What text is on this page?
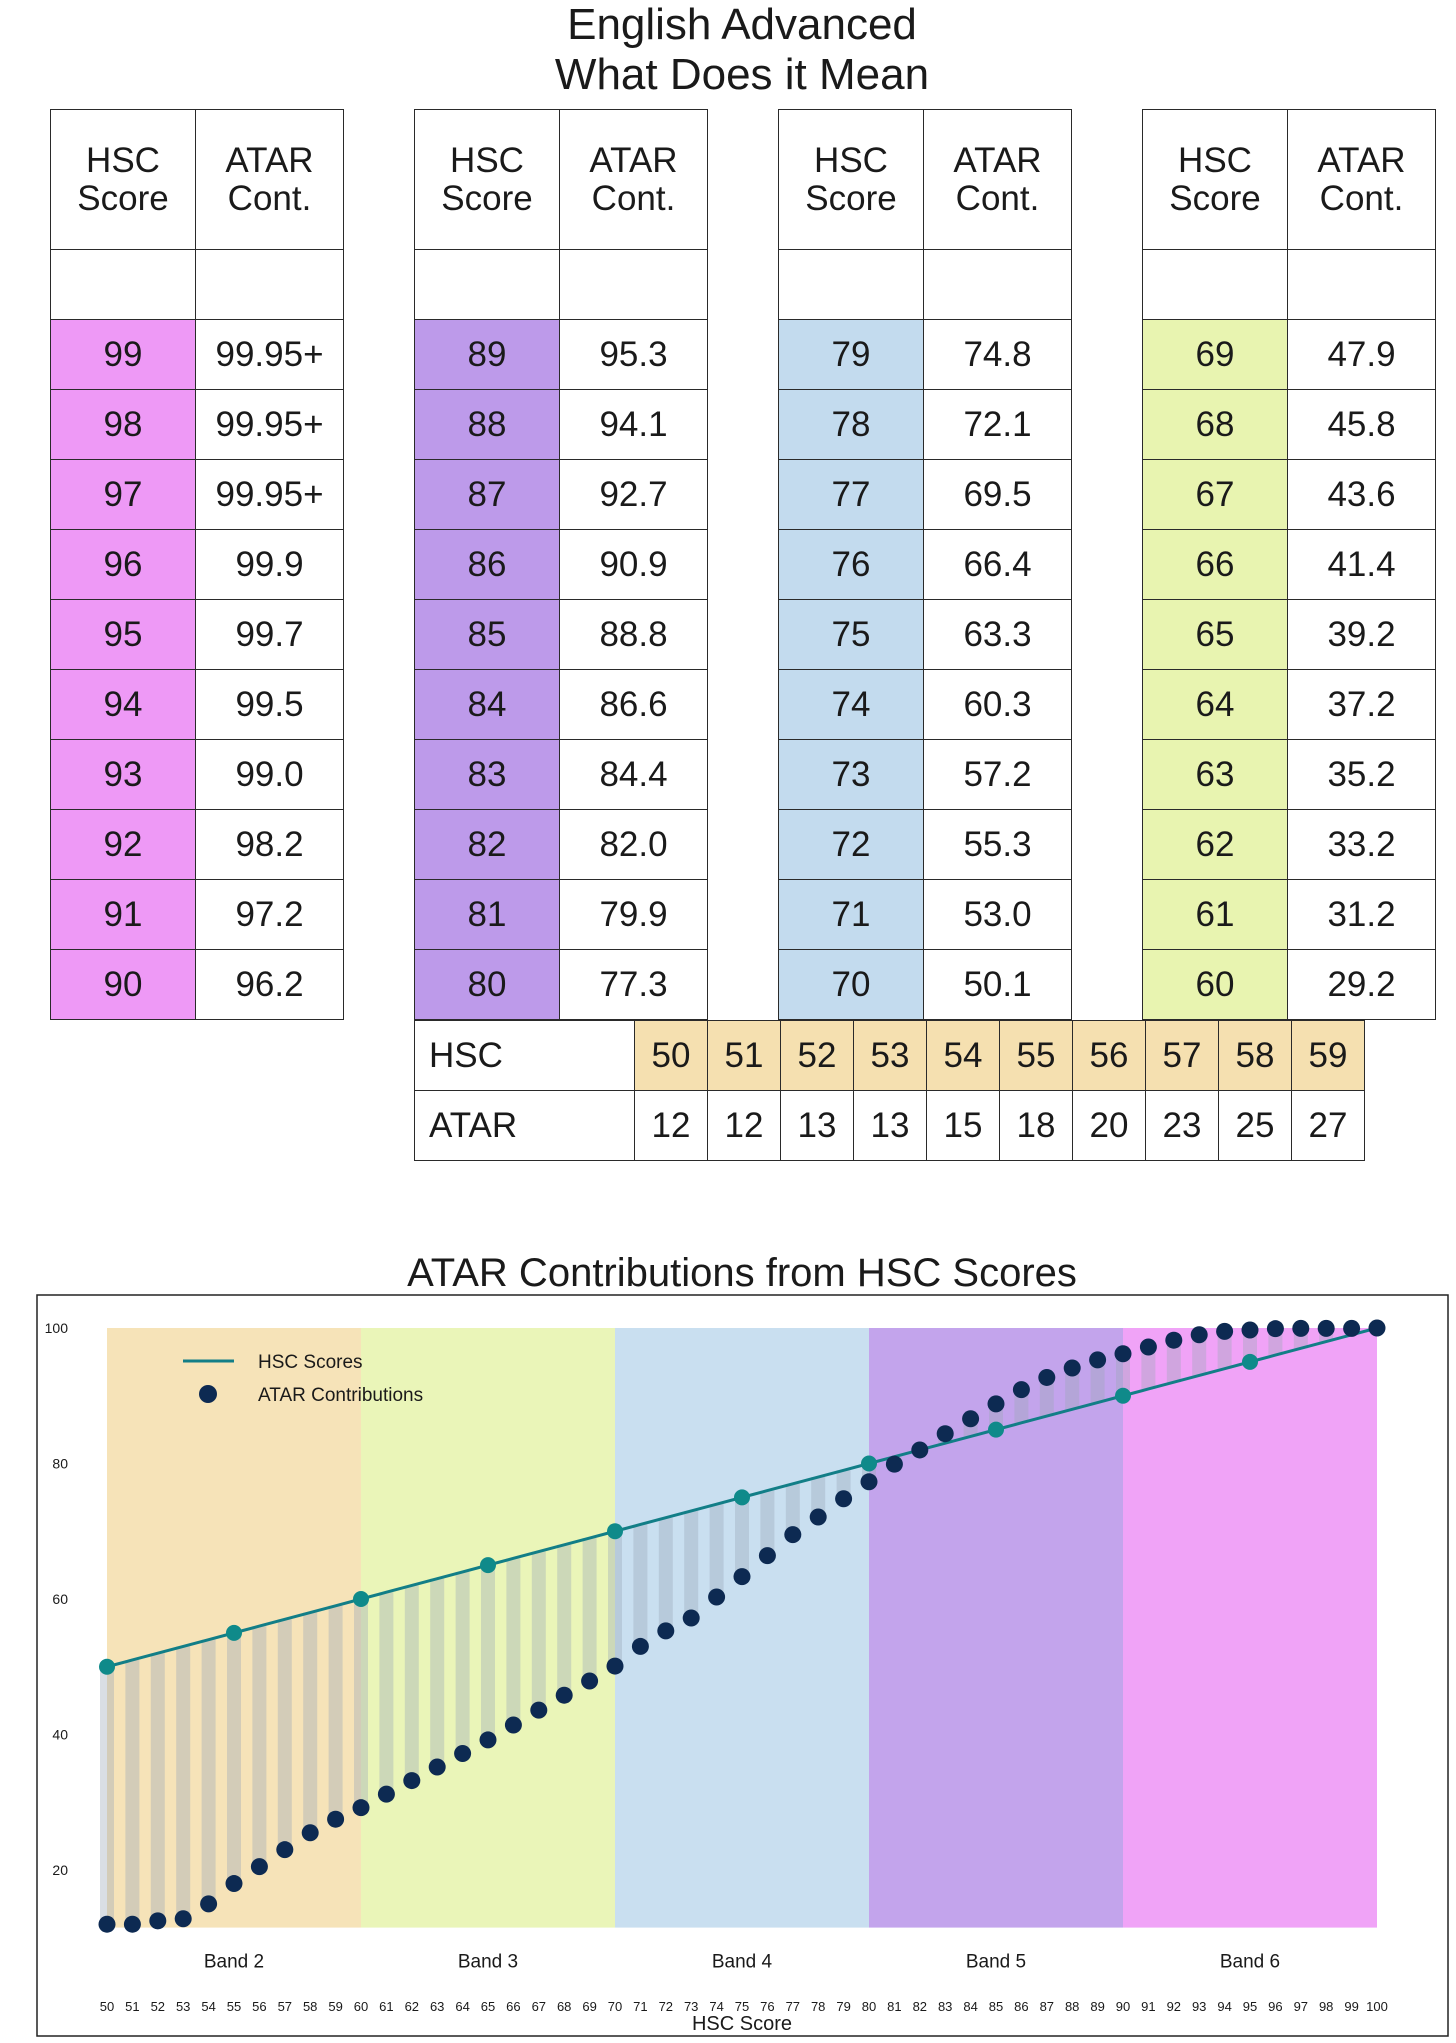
English Advanced
What Does it Mean
HSC
Score	ATAR
Cont.

99	99.95+
98	99.95+
97	99.95+
96	99.9
95	99.7
94	99.5
93	99.0
92	98.2
91	97.2
90	96.2
HSC
Score	ATAR
Cont.

89	95.3
88	94.1
87	92.7
86	90.9
85	88.8
84	86.6
83	84.4
82	82.0
81	79.9
80	77.3
HSC
Score	ATAR
Cont.

79	74.8
78	72.1
77	69.5
76	66.4
75	63.3
74	60.3
73	57.2
72	55.3
71	53.0
70	50.1
HSC
Score	ATAR
Cont.

69	47.9
68	45.8
67	43.6
66	41.4
65	39.2
64	37.2
63	35.2
62	33.2
61	31.2
60	29.2
HSC	50	51	52	53	54	55	56	57	58	59
ATAR	12	12	13	13	15	18	20	23	25	27
ATAR Contributions from HSC Scores
Band 2	Band 3	Band 4	Band 5	Band 6
20
40
60
80
100
50 51 52 53 54 55 56 57 58 59 60 61 62 63 64 65 66 67 68 69 70 71 72 73 74 75 76 77 78 79 80 81 82 83 84 85 86 87 88 89 90 91 92 93 94 95 96 97 98 99 100
HSC Scores
ATAR Contributions
HSC Score
